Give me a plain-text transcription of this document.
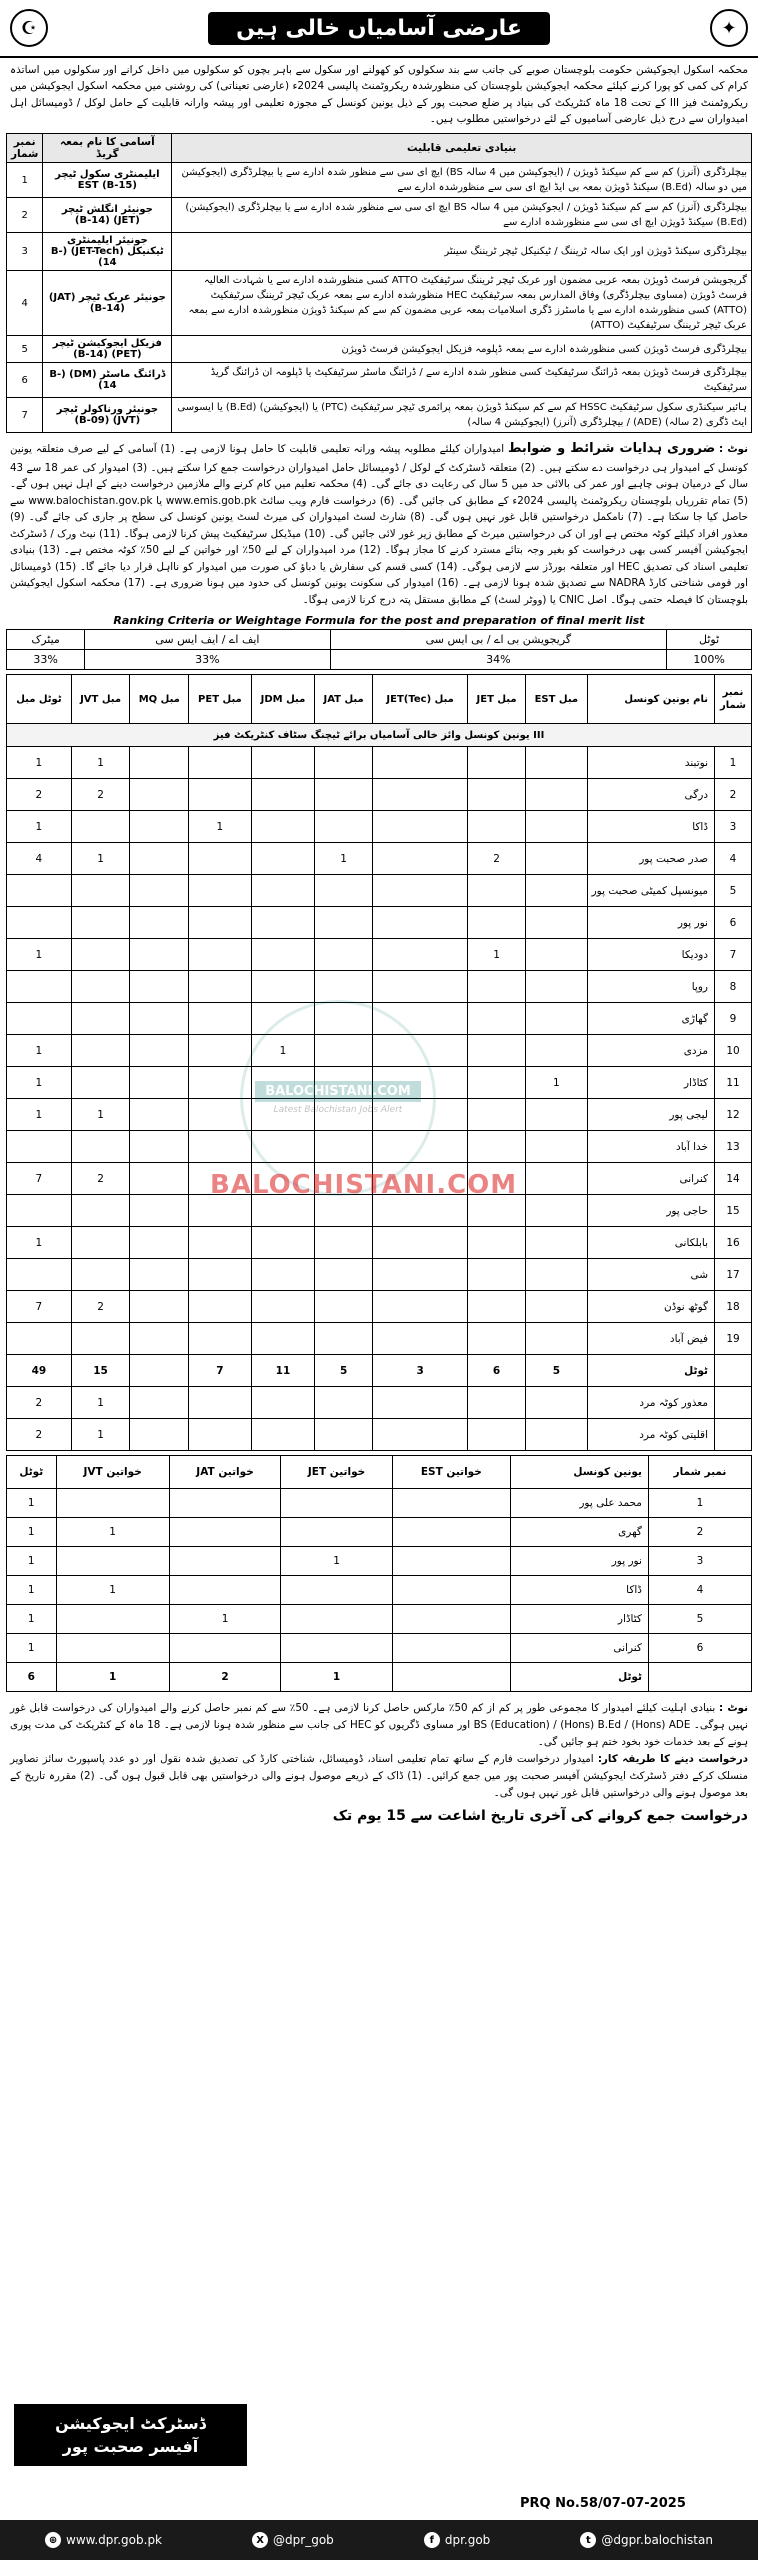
☪	عارضی آسامیاں خالی ہیں	✦
محکمہ اسکول ایجوکیشن حکومت بلوچستان صوبے کی جانب سے بند سکولوں کو کھولنے اور سکول سے باہر بچوں کو سکولوں میں داخل کرانے اور سکولوں میں اساتذہ کرام کی کمی کو پورا کرنے کیلئے محکمہ ایجوکیشن بلوچستان کی منظورشدہ ریکروٹمنٹ پالیسی 2024ء (عارضی تعیناتی) کی روشنی میں محکمہ اسکول ایجوکیشن میں ریکروٹمنٹ فیز III کے تحت 18 ماہ کنٹریکٹ کی بنیاد پر ضلع صحبت پور کے ذیل یونین کونسل کے مجوزہ تعلیمی اور پیشہ وارانہ قابلیت کے حامل لوکل / ڈومیسائل اہل امیدواران سے درج ذیل عارضی آسامیوں کے لئے درخواستیں مطلوب ہیں۔
نمبر شمار	آسامی کا نام بمعہ گریڈ	بنیادی تعلیمی قابلیت
1	ایلیمنٹری سکول ٹیچر EST (B-15)	بیچلرڈگری (آنرز) کم سے کم سیکنڈ ڈویژن / (ایجوکیشن میں 4 سالہ BS) ایچ ای سی سے منظور شدہ ادارے سے یا بیچلرڈگری (ایجوکیشن میں دو سالہ (B.Ed) سیکنڈ ڈویژن بمعہ بی ایڈ ایچ ای سی سے منظورشدہ ادارے سے
2	جونیئر انگلش ٹیچر (JET) (B-14)	بیچلرڈگری (آنرز) کم سے کم سیکنڈ ڈویژن / ایجوکیشن میں 4 سالہ BS ایچ ای سی سے منظور شدہ ادارے سے یا بیچلرڈگری (ایجوکیشن) (B.Ed) سیکنڈ ڈویژن ایچ ای سی سے منظورشدہ ادارے سے
3	جونیئر ایلیمنٹری ٹیکنیکل (JET-Tech) (B-14)	بیچلرڈگری سیکنڈ ڈویژن اور ایک سالہ ٹریننگ / ٹیکنیکل ٹیچر ٹریننگ سینٹر
4	جونیئر عربک ٹیچر (JAT) (B-14)	گریجویشن فرسٹ ڈویژن بمعہ عربی مضمون اور عربک ٹیچر ٹریننگ سرٹیفکیٹ ATTO کسی منظورشدہ ادارے سے یا شہادت العالیہ فرسٹ ڈویژن (مساوی بیچلرڈگری) وفاق المدارس بمعہ سرٹیفکیٹ HEC منظورشدہ ادارے سے بمعہ عربک ٹیچر ٹریننگ سرٹیفکیٹ (ATTO) کسی منظورشدہ ادارے سے یا ماسٹرز ڈگری اسلامیات بمعہ عربی مضمون کم سے کم سیکنڈ ڈویژن منظورشدہ ادارے سے بمعہ عربک ٹیچر ٹریننگ سرٹیفکیٹ (ATTO)
5	فزیکل ایجوکیشن ٹیچر (PET) (B-14)	بیچلرڈگری فرسٹ ڈویژن کسی منظورشدہ ادارے سے بمعہ ڈپلومہ فزیکل ایجوکیشن فرسٹ ڈویژن
6	ڈرائنگ ماسٹر (DM) (B-14)	بیچلرڈگری فرسٹ ڈویژن بمعہ ڈرائنگ سرٹیفکیٹ کسی منظور شدہ ادارے سے / ڈرائنگ ماسٹر سرٹیفکیٹ یا ڈپلومہ ان ڈرائنگ گریڈ سرٹیفکیٹ
7	جونیئر ورناکولر ٹیچر (JVT) (B-09)	ہائیر سیکنڈری سکول سرٹیفکیٹ HSSC کم سے کم سیکنڈ ڈویژن بمعہ پرائمری ٹیچر سرٹیفکیٹ (PTC) یا (ایجوکیشن) (B.Ed) یا ایسوسی ایٹ ڈگری (2 سالہ) (ADE) / بیچلرڈگری (آنرز) (ایجوکیشن 4 سالہ)
نوٹ : ضروری ہدایات شرائط و ضوابط امیدواران کیلئے مطلوبہ پیشہ ورانہ تعلیمی قابلیت کا حامل ہونا لازمی ہے۔ (1) آسامی کے لیے صرف متعلقہ یونین کونسل کے امیدوار ہی درخواست دے سکتے ہیں۔ (2) متعلقہ ڈسٹرکٹ کے لوکل / ڈومیسائل حامل امیدواران درخواست جمع کرا سکتے ہیں۔ (3) امیدوار کی عمر 18 سے 43 سال کے درمیان ہونی چاہیے اور عمر کی بالائی حد میں 5 سال کی رعایت دی جائے گی۔ (4) محکمہ تعلیم میں کام کرنے والے ملازمین درخواست دینے کے اہل نہیں ہوں گے۔ (5) تمام تقرریاں بلوچستان ریکروٹمنٹ پالیسی 2024ء کے مطابق کی جائیں گی۔ (6) درخواست فارم ویب سائٹ www.emis.gob.pk یا www.balochistan.gov.pk سے حاصل کیا جا سکتا ہے۔ (7) نامکمل درخواستیں قابل غور نہیں ہوں گی۔ (8) شارٹ لسٹ امیدواران کی میرٹ لسٹ یونین کونسل کی سطح پر جاری کی جائے گی۔ (9) معذور افراد کیلئے کوٹہ مختص ہے اور ان کی درخواستیں میرٹ کے مطابق زیر غور لائی جائیں گی۔ (10) میڈیکل سرٹیفکیٹ پیش کرنا لازمی ہوگا۔ (11) نیٹ ورک / ڈسٹرکٹ ایجوکیشن آفیسر کسی بھی درخواست کو بغیر وجہ بتائے مسترد کرنے کا مجاز ہوگا۔ (12) مرد امیدواران کے لیے 50٪ اور خواتین کے لیے 50٪ کوٹہ مختص ہے۔ (13) بنیادی تعلیمی اسناد کی تصدیق HEC اور متعلقہ بورڈز سے لازمی ہوگی۔ (14) کسی قسم کی سفارش یا دباؤ کی صورت میں امیدوار کو نااہل قرار دیا جائے گا۔ (15) ڈومیسائل اور قومی شناختی کارڈ NADRA سے تصدیق شدہ ہونا لازمی ہے۔ (16) امیدوار کی سکونت یونین کونسل کی حدود میں ہونا ضروری ہے۔ (17) محکمہ اسکول ایجوکیشن بلوچستان کا فیصلہ حتمی ہوگا۔ اصل CNIC یا (ووٹر لسٹ) کے مطابق مستقل پتہ درج کرنا لازمی ہوگا۔
Ranking Criteria or Weightage Formula for the post and preparation of final merit list
میٹرک	ایف اے / ایف ایس سی	گریجویشن بی اے / بی ایس سی	ٹوٹل
33%	33%	34%	100%
ٹوٹل مبل	JVT مبل	MQ مبل	PET مبل	JDM مبل	JAT مبل	JET(Tec) مبل	JET مبل	EST مبل	نام یونین کونسل	نمبر شمار
یونین کونسل وائز خالی آسامیاں برائے ٹیچنگ سٹاف کنٹریکٹ فیز III										
1	1								نوتبند	1
2	2								درگی	2
1			1						ڈاکا	3
4	1				1		2		صدر صحبت پور	4
									میونسپل کمیٹی صحبت پور	5
									نور پور	6
1							1		دودیکا	7
									روپا	8
									گھاڑی	9
1				1					مزدی	10
1								1	کٹاڈار	11
1	1								لیجی پور	12
									خدا آباد	13
7	2								کنرانی	14
									حاجی پور	15
1									بابلکانی	16
									شی	17
7	2								گوٹھ نوڈن	18
									فیض آباد	19
49	15		7	11	5	3	6	5	ٹوٹل	
2	1								معذور کوٹہ مرد	
2	1								اقلیتی کوٹہ مرد	
ٹوٹل	JVT خواتین	JAT خواتین	JET خواتین	EST خواتین	یونین کونسل	نمبر شمار
1					محمد علی پور	1
1	1				گھری	2
1			1		نور پور	3
1	1				ڈاکا	4
1		1			کٹاڈار	5
1					کنرانی	6
6	1	2	1		ٹوٹل	
نوٹ : بنیادی اہلیت کیلئے امیدوار کا مجموعی طور پر کم از کم 50٪ مارکس حاصل کرنا لازمی ہے۔ 50٪ سے کم نمبر حاصل کرنے والے امیدواران کی درخواست قابل غور نہیں ہوگی۔ BS (Education) / (Hons) B.Ed / (Hons) ADE اور مساوی ڈگریوں کو HEC کی جانب سے منظور شدہ ہونا لازمی ہے۔ 18 ماہ کے کنٹریکٹ کی مدت پوری ہونے کے بعد خدمات خود بخود ختم ہو جائیں گی۔
درخواست دینے کا طریقہ کار: امیدوار درخواست فارم کے ساتھ تمام تعلیمی اسناد، ڈومیسائل، شناختی کارڈ کی تصدیق شدہ نقول اور دو عدد پاسپورٹ سائز تصاویر منسلک کرکے دفتر ڈسٹرکٹ ایجوکیشن آفیسر صحبت پور میں جمع کرائیں۔ (1) ڈاک کے ذریعے موصول ہونے والی درخواستیں بھی قابل قبول ہوں گی۔ (2) مقررہ تاریخ کے بعد موصول ہونے والی درخواستیں قابل غور نہیں ہوں گی۔
درخواست جمع کروانے کی آخری تاریخ اشاعت سے 15 یوم تک
ڈسٹرکٹ ایجوکیشن
آفیسر صحبت پور
PRQ No.58/07-07-2025
⊕ www.dpr.gob.pk	X @dpr_gob	f dpr.gob	t @dgpr.balochistan
BALOCHISTANI.COM
Latest Balochistan Jobs Alert
BALOCHISTANI.COM
